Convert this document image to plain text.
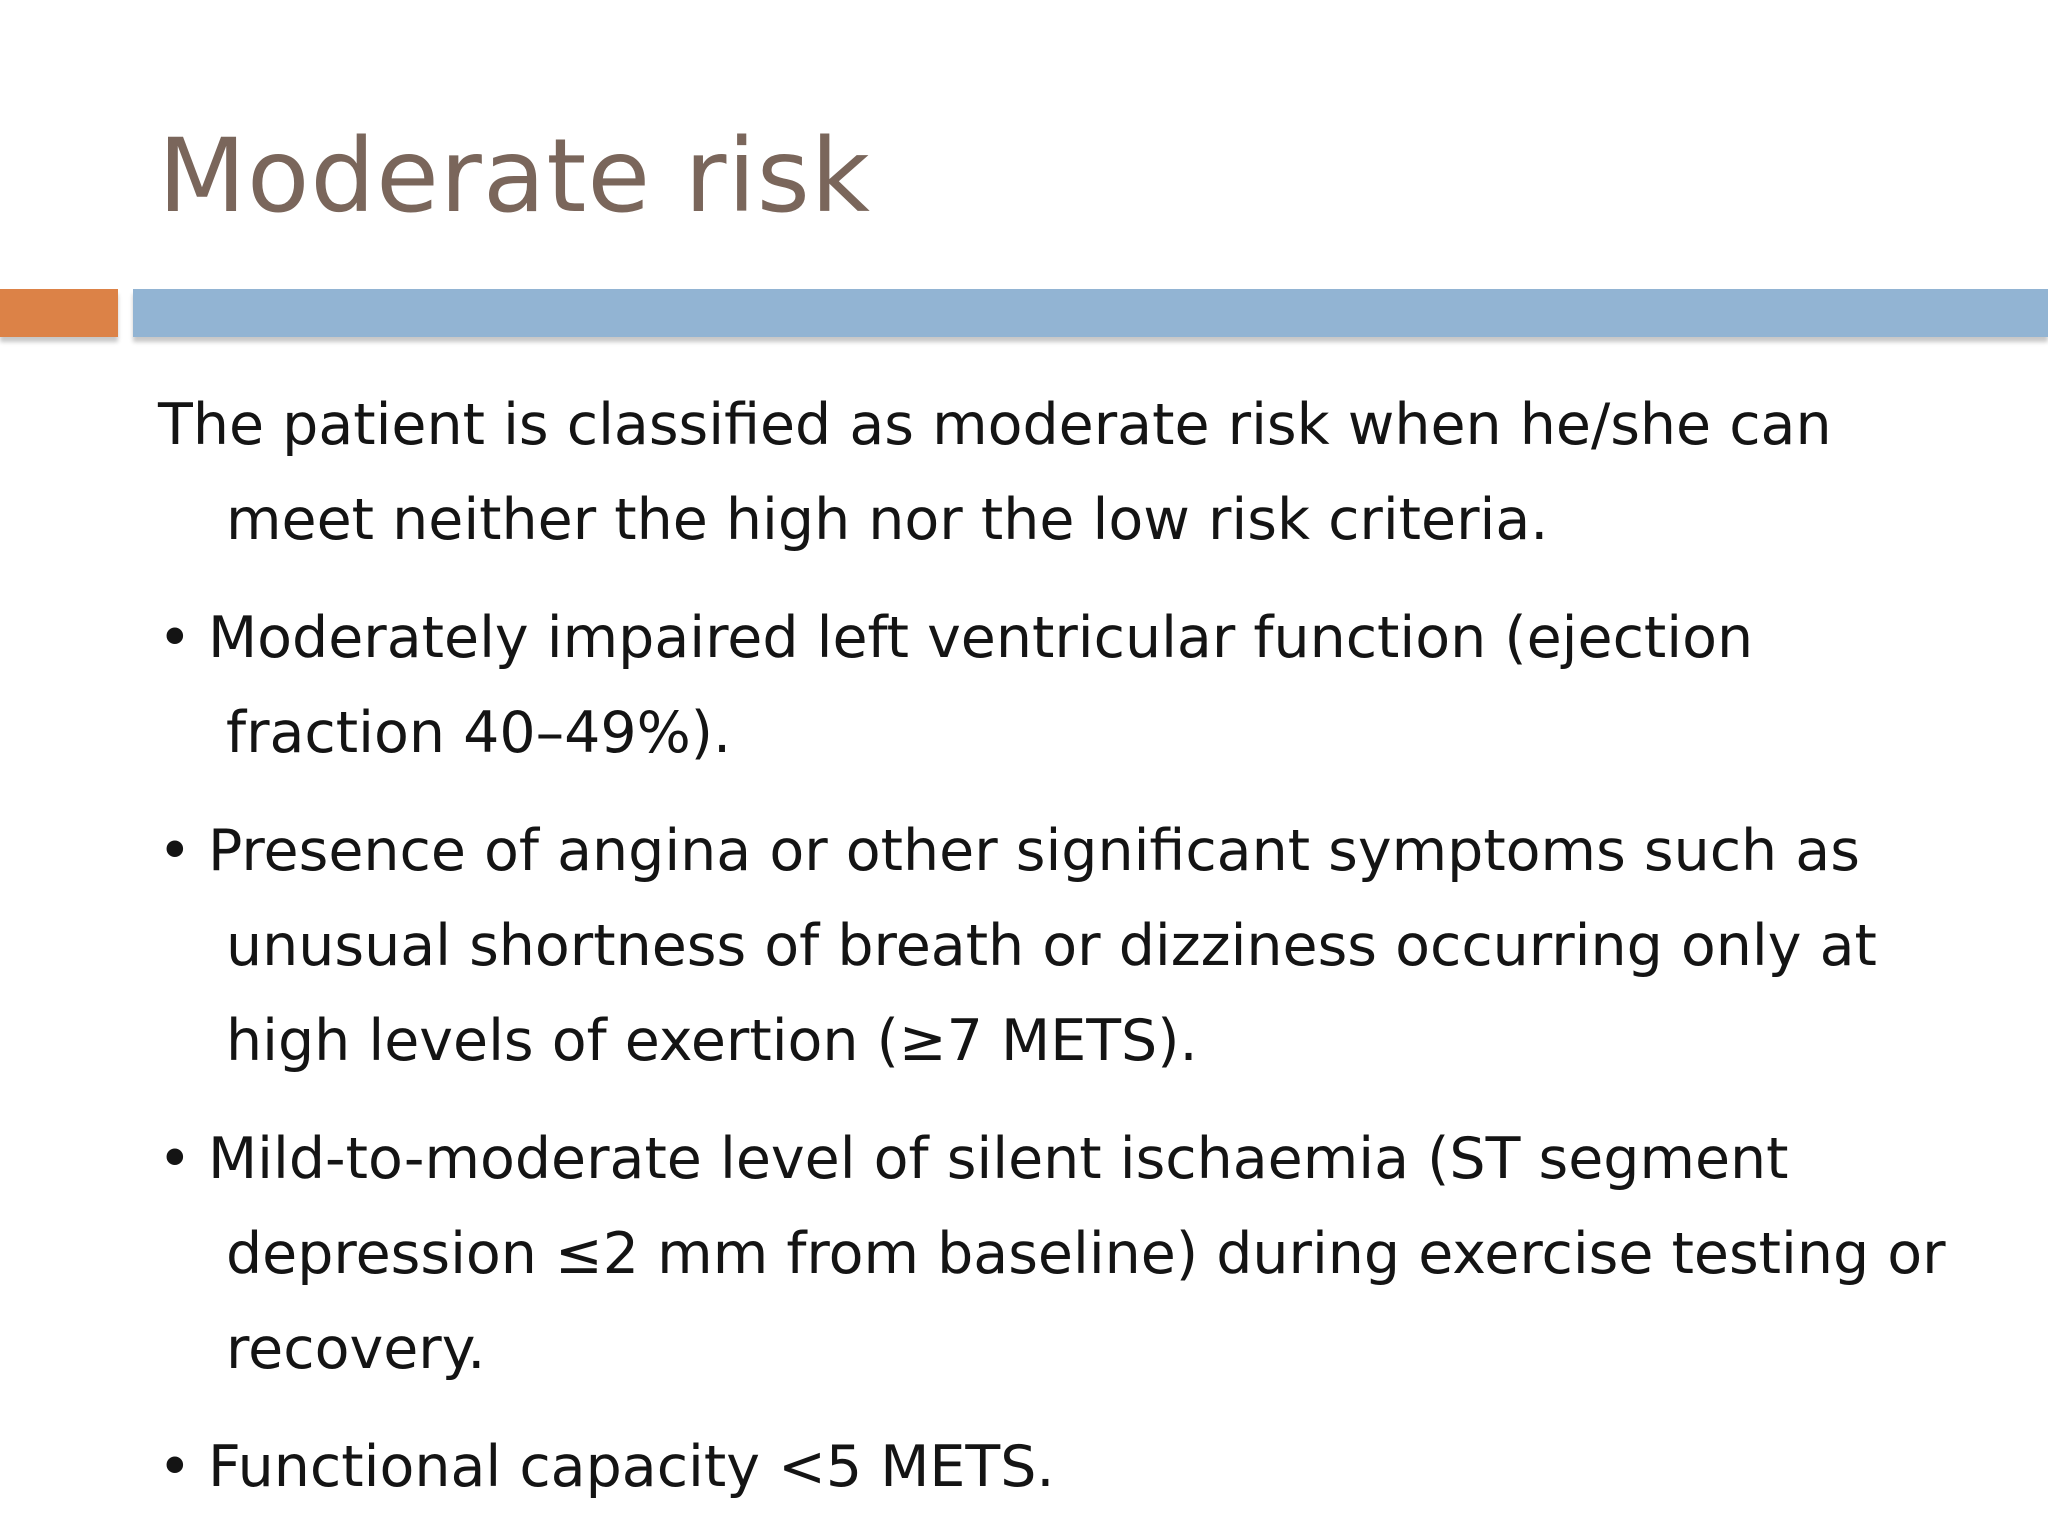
Moderate risk

The patient is classified as moderate risk when he/she can meet neither the high nor the low risk criteria.

• Moderately impaired left ventricular function (ejection fraction 40–49%).

• Presence of angina or other significant symptoms such as unusual shortness of breath or dizziness occurring only at high levels of exertion (≥7 METS).

• Mild-to-moderate level of silent ischaemia (ST segment depression ≤2 mm from baseline) during exercise testing or recovery.

• Functional capacity <5 METS.
